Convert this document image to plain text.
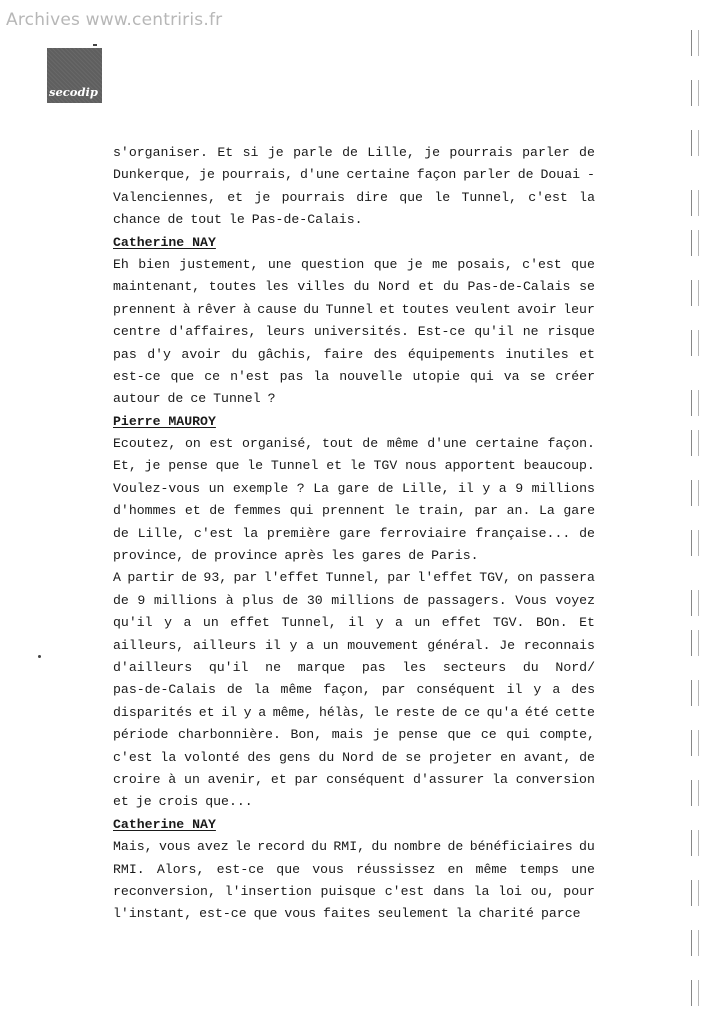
Archives www.centriris.fr
secodip
s'organiser. Et si je parle de Lille, je pourrais parler de
Dunkerque, je pourrais, d'une certaine façon parler de Douai -
Valenciennes, et je pourrais dire que le Tunnel, c'est la
chance de tout le Pas-de-Calais.
Catherine NAY
Eh bien justement, une question que je me posais, c'est que
maintenant, toutes les villes du Nord et du Pas-de-Calais se
prennent à rêver à cause du Tunnel et toutes veulent avoir leur
centre d'affaires, leurs universités. Est-ce qu'il ne risque
pas d'y avoir du gâchis, faire des équipements inutiles et
est-ce que ce n'est pas la nouvelle utopie qui va se créer
autour de ce Tunnel ?
Pierre MAUROY
Ecoutez, on est organisé, tout de même d'une certaine façon.
Et, je pense que le Tunnel et le TGV nous apportent beaucoup.
Voulez-vous un exemple ? La gare de Lille, il y a 9 millions
d'hommes et de femmes qui prennent le train, par an. La gare
de Lille, c'est la première gare ferroviaire française... de
province, de province après les gares de Paris.
A partir de 93, par l'effet Tunnel, par l'effet TGV, on passera
de 9 millions à plus de 30 millions de passagers. Vous voyez
qu'il y a un effet Tunnel, il y a un effet TGV. BOn. Et
ailleurs, ailleurs il y a un mouvement général. Je reconnais
d'ailleurs qu'il ne marque pas les secteurs du Nord/
pas-de-Calais de la même façon, par conséquent il y a des
disparités et il y a même, hélàs, le reste de ce qu'a été cette
période charbonnière. Bon, mais je pense que ce qui compte,
c'est la volonté des gens du Nord de se projeter en avant, de
croire à un avenir, et par conséquent d'assurer la conversion
et je crois que...
Catherine NAY
Mais, vous avez le record du RMI, du nombre de bénéficiaires du
RMI. Alors, est-ce que vous réussissez en même temps une
reconversion, l'insertion puisque c'est dans la loi ou, pour
l'instant, est-ce que vous faites seulement la charité parce
